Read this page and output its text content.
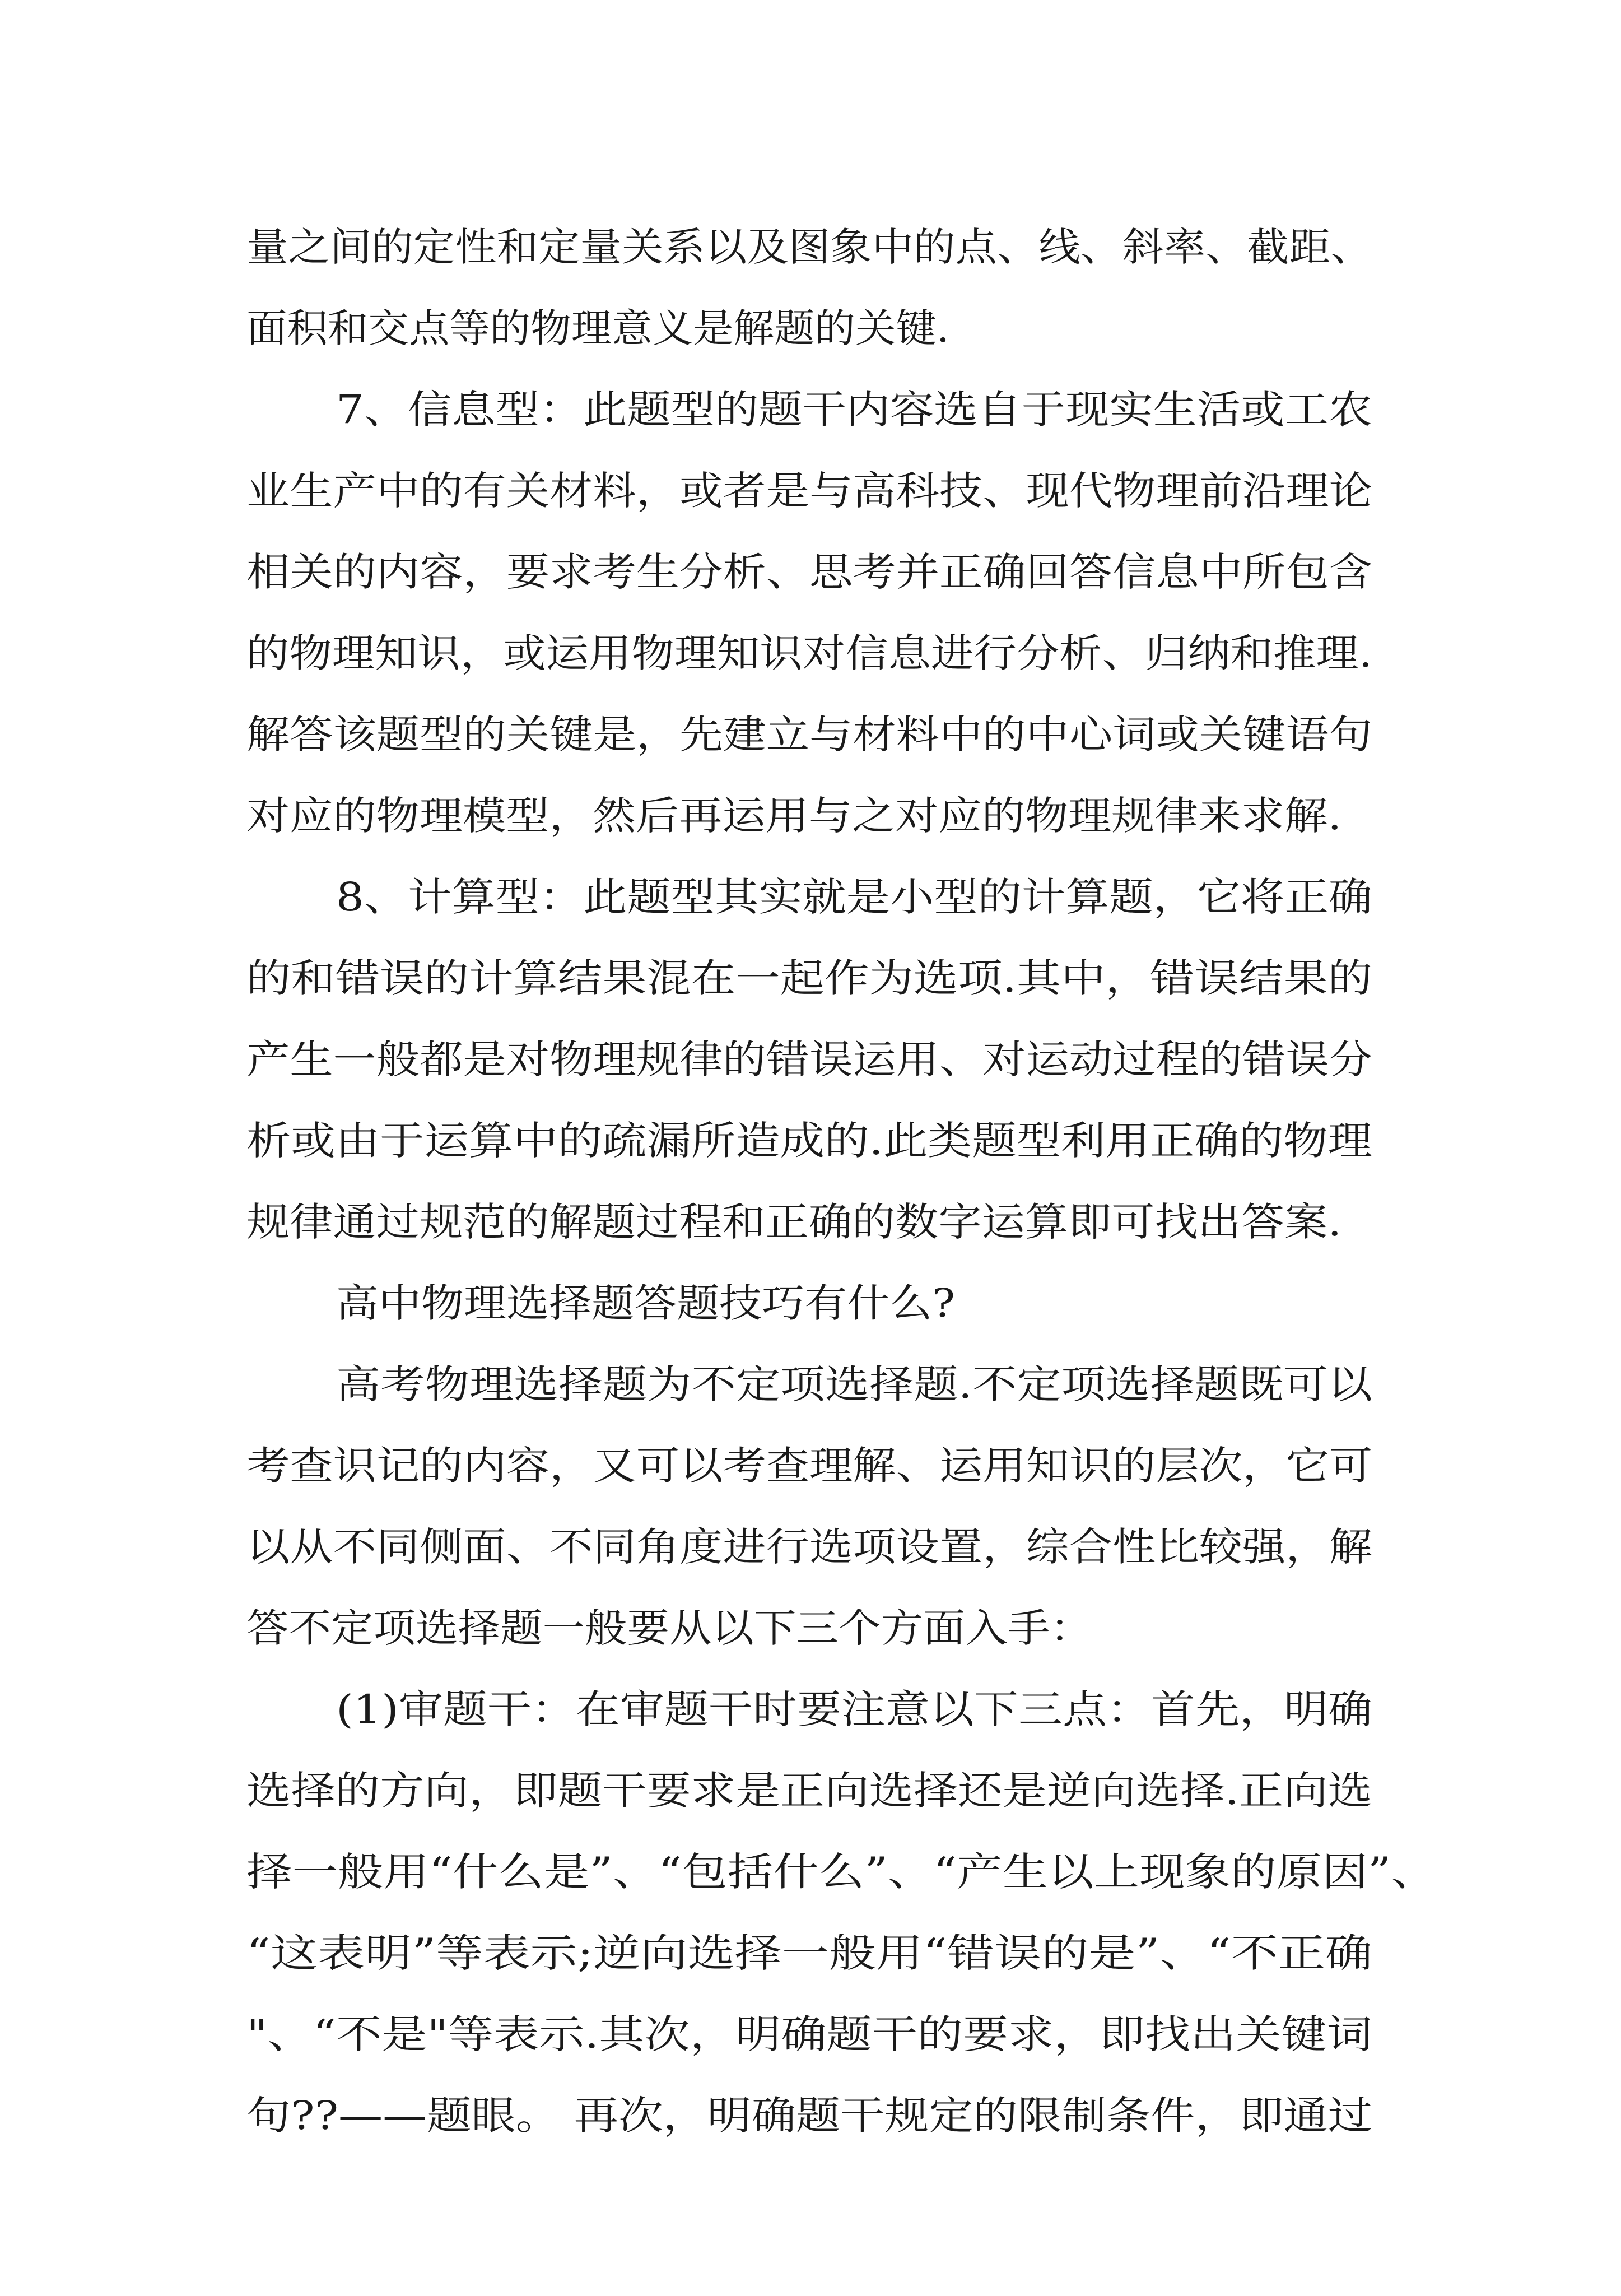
量之间的定性和定量关系以及图象中的点、线、斜率、截距、
面积和交点等的物理意义是解题的关键.
7、信息型：此题型的题干内容选自于现实生活或工农
业生产中的有关材料，或者是与高科技、现代物理前沿理论
相关的内容，要求考生分析、思考并正确回答信息中所包含
的物理知识，或运用物理知识对信息进行分析、归纳和推理.
解答该题型的关键是，先建立与材料中的中心词或关键语句
对应的物理模型，然后再运用与之对应的物理规律来求解.
8、计算型：此题型其实就是小型的计算题，它将正确
的和错误的计算结果混在一起作为选项.其中，错误结果的
产生一般都是对物理规律的错误运用、对运动过程的错误分
析或由于运算中的疏漏所造成的.此类题型利用正确的物理
规律通过规范的解题过程和正确的数字运算即可找出答案.
高中物理选择题答题技巧有什么?
高考物理选择题为不定项选择题.不定项选择题既可以
考查识记的内容，又可以考查理解、运用知识的层次，它可
以从不同侧面、不同角度进行选项设置，综合性比较强，解
答不定项选择题一般要从以下三个方面入手：
(1)审题干：在审题干时要注意以下三点：首先，明确
选择的方向，即题干要求是正向选择还是逆向选择.正向选
择一般用“什么是”、“包括什么”、“产生以上现象的原因”、
“这表明”等表示;逆向选择一般用“错误的是”、“不正确
"、“不是"等表示.其次，明确题干的要求，即找出关键词
句??——题眼。 再次，明确题干规定的限制条件，即通过
